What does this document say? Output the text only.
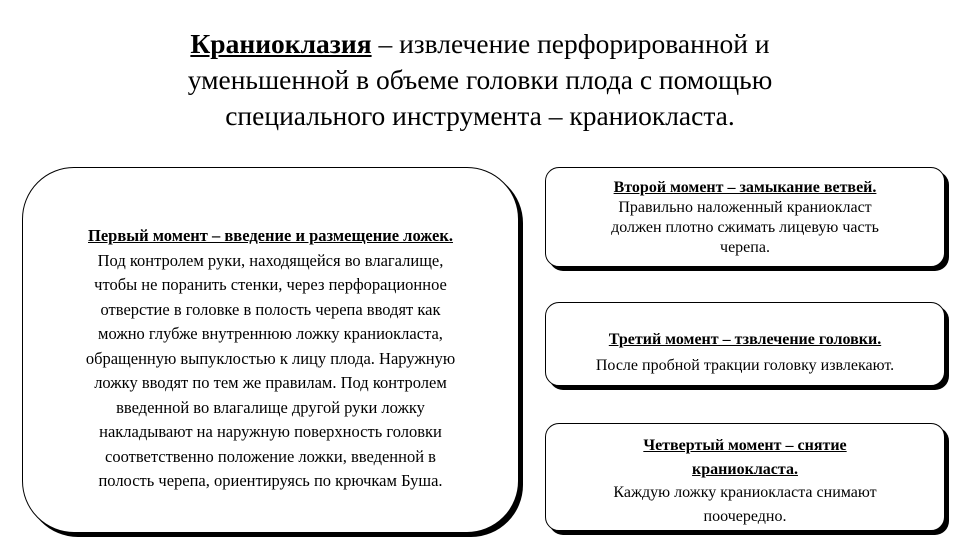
Краниоклазия – извлечение перфорированной и
уменьшенной в объеме головки плода с помощью
специального инструмента – краниокласта.
Первый момент – введение и размещение ложек.
Под контролем руки, находящейся во влагалище,
чтобы не поранить стенки, через перфорационное
отверстие в головке в полость черепа вводят как
можно глубже внутреннюю ложку краниокласта,
обращенную выпуклостью к лицу плода. Наружную
ложку вводят по тем же правилам. Под контролем
введенной во влагалище другой руки ложку
накладывают на наружную поверхность головки
соответственно положение ложки, введенной в
полость черепа, ориентируясь по крючкам Буша.
Второй момент – замыкание ветвей.
Правильно наложенный краниокласт
должен плотно сжимать лицевую часть
черепа.
Третий момент – тзвлечение головки.
После пробной тракции головку извлекают.
Четвертый момент – снятие
краниокласта.
Каждую ложку краниокласта снимают
поочередно.
